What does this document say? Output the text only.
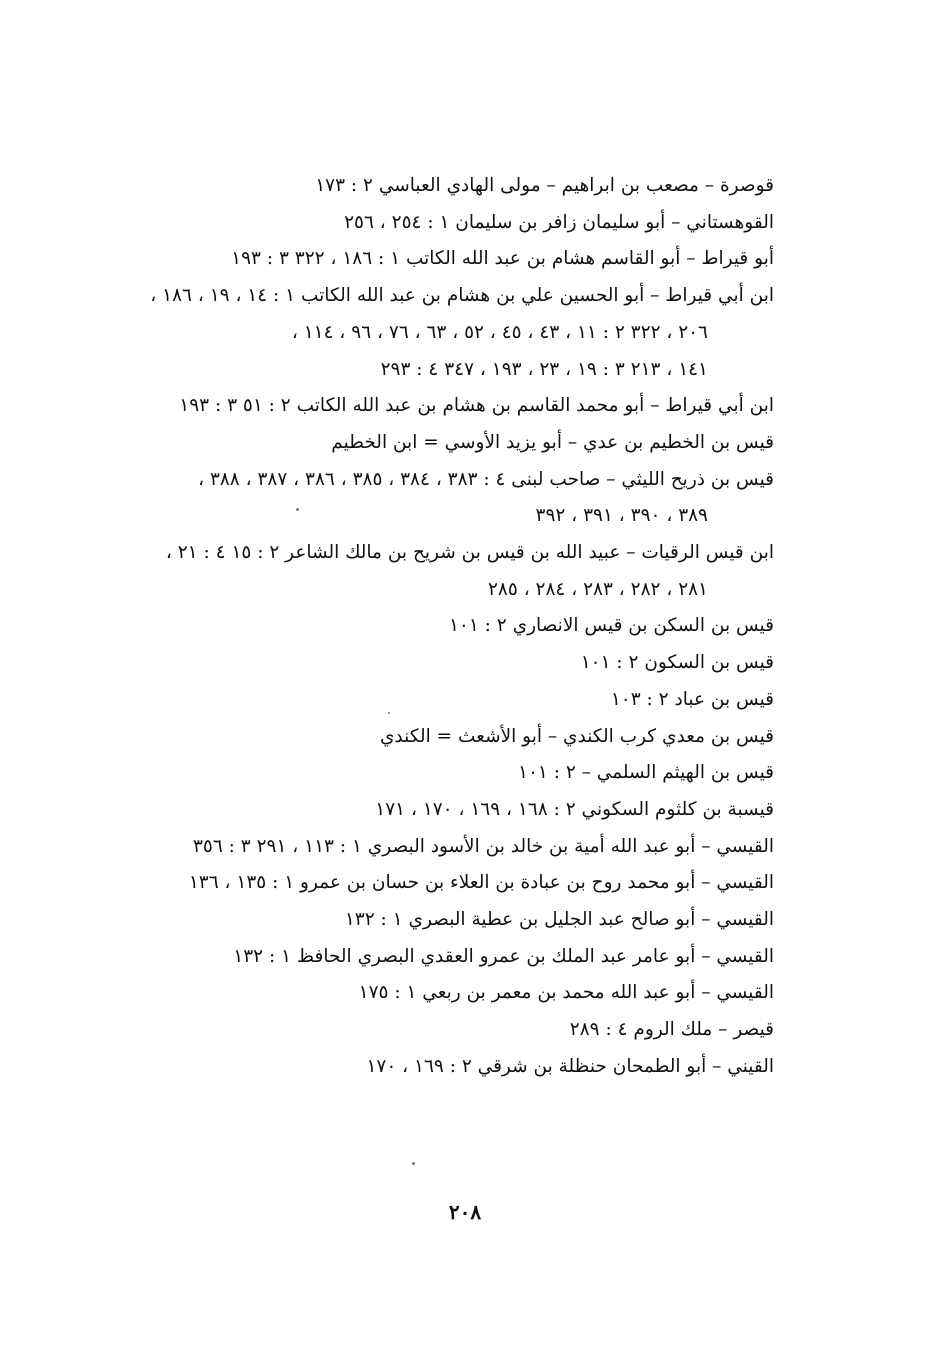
قوصرة – مصعب بن ابراهيم – مولى الهادي العباسي ٢ : ١٧٣
القوهستاني – أبو سليمان زافر بن سليمان ١ : ٢٥٤ ، ٢٥٦
أبو قيراط – أبو القاسم هشام بن عبد الله الكاتب ١ : ١٨٦ ، ٣٢٢ ٣ : ١٩٣
ابن أبي قيراط – أبو الحسين علي بن هشام بن عبد الله الكاتب ١ : ١٤ ، ١٩ ، ١٨٦ ،
٢٠٦ ، ٣٢٢ ٢ : ١١ ، ٤٣ ، ٤٥ ، ٥٢ ، ٦٣ ، ٧٦ ، ٩٦ ، ١١٤ ،
١٤١ ، ٢١٣ ٣ : ١٩ ، ٢٣ ، ١٩٣ ، ٣٤٧ ٤ : ٢٩٣
ابن أبي قيراط – أبو محمد القاسم بن هشام بن عبد الله الكاتب ٢ : ٥١ ٣ : ١٩٣
قيس بن الخطيم بن عدي – أبو يزيد الأوسي = ابن الخطيم
قيس بن ذريح الليثي – صاحب لبنى ٤ : ٣٨٣ ، ٣٨٤ ، ٣٨٥ ، ٣٨٦ ، ٣٨٧ ، ٣٨٨ ،
٣٨٩ ، ٣٩٠ ، ٣٩١ ، ٣٩٢
ابن قيس الرقيات – عبيد الله بن قيس بن شريح بن مالك الشاعر ٢ : ١٥ ٤ : ٢١ ،
٢٨١ ، ٢٨٢ ، ٢٨٣ ، ٢٨٤ ، ٢٨٥
قيس بن السكن بن قيس الانصاري ٢ : ١٠١
قيس بن السكون ٢ : ١٠١
قيس بن عباد ٢ : ١٠٣
قيس بن معدي كرب الكندي – أبو الأشعث = الكندي
قيس بن الهيثم السلمي – ٢ : ١٠١
قيسبة بن كلثوم السكوني ٢ : ١٦٨ ، ١٦٩ ، ١٧٠ ، ١٧١
القيسي – أبو عبد الله أمية بن خالد بن الأسود البصري ١ : ١١٣ ، ٢٩١ ٣ : ٣٥٦
القيسي – أبو محمد روح بن عبادة بن العلاء بن حسان بن عمرو ١ : ١٣٥ ، ١٣٦
القيسي – أبو صالح عبد الجليل بن عطية البصري ١ : ١٣٢
القيسي – أبو عامر عبد الملك بن عمرو العقدي البصري الحافظ ١ : ١٣٢
القيسي – أبو عبد الله محمد بن معمر بن ربعي ١ : ١٧٥
قيصر – ملك الروم ٤ : ٢٨٩
القيني – أبو الطمحان حنظلة بن شرقي ٢ : ١٦٩ ، ١٧٠
٢٠٨
